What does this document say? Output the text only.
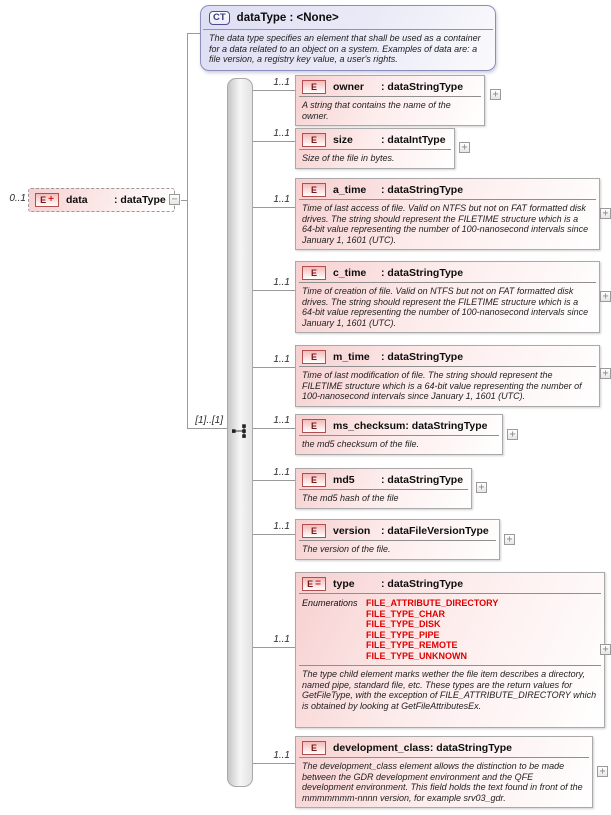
CT dataType : <None>
The data type specifies an element that shall be used as a container for a data related to an object on a system. Examples of data are: a file version, a registry key value, a user's rights.
0..1 E + data	: dataType −
[1]..[1]
1..1
1..1
1..1
1..1
1..1
1..1
1..1
1..1
1..1
1..1
E	owner	: dataStringType
A string that contains the name of the owner.
E	size	: dataIntType
Size of the file in bytes.
E	a_time	: dataStringType
Time of last access of file. Valid on NTFS but not on FAT formatted disk drives. The string should represent the FILETIME structure which is a 64-bit value representing the number of 100-nanosecond intervals since January 1, 1601 (UTC).
E	c_time	: dataStringType
Time of creation of file. Valid on NTFS but not on FAT formatted disk drives. The string should represent the FILETIME structure which is a 64-bit value representing the number of 100-nanosecond intervals since January 1, 1601 (UTC).
E	m_time	: dataStringType
Time of last modification of file. The string should represent the FILETIME structure which is a 64-bit value representing the number of 100-nanosecond intervals since January 1, 1601 (UTC).
E	ms_checksum : dataStringType
the md5 checksum of the file.
E	md5	: dataStringType
The md5 hash of the file
E	version	: dataFileVersionType
The version of the file.
E = type	: dataStringType
Enumerations FILE_ATTRIBUTE_DIRECTORY
FILE_TYPE_CHAR
FILE_TYPE_DISK
FILE_TYPE_PIPE
FILE_TYPE_REMOTE
FILE_TYPE_UNKNOWN
The type child element marks wether the file item describes a directory, named pipe, standard file, etc. These types are the return values for GetFileType, with the exception of FILE_ATTRIBUTE_DIRECTORY which is obtained by looking at GetFileAttributesEx.
E	development_class : dataStringType
The development_class element allows the distinction to be made between the GDR development environment and the QFE development environment. This field holds the text found in front of the mmmmmmm-nnnn version, for example srv03_gdr.
+
+
+
+
+
+
+
+
+
+
